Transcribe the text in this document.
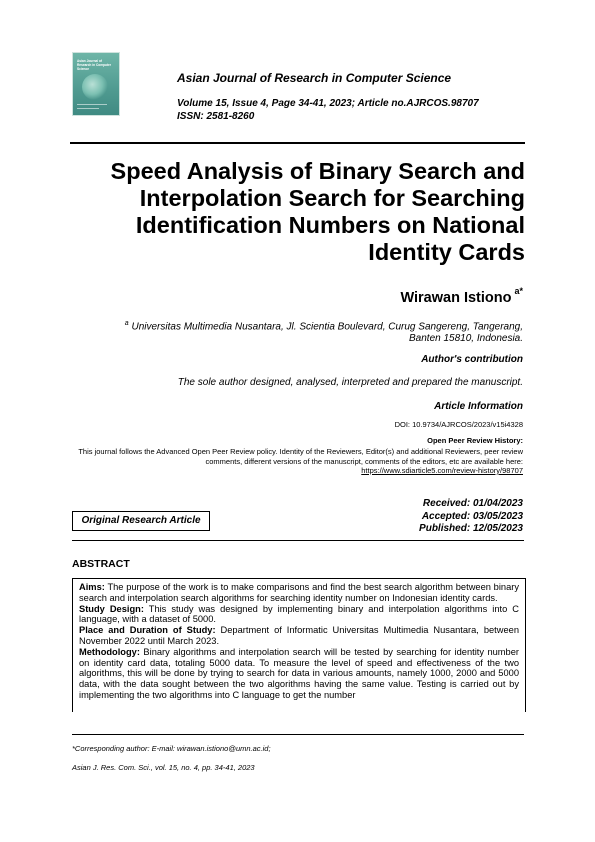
Asian Journal of Research in Computer Science
Asian Journal of Research in Computer Science
Volume 15, Issue 4, Page 34-41, 2023; Article no.AJRCOS.98707
ISSN: 2581-8260
Speed Analysis of Binary Search and Interpolation Search for Searching Identification Numbers on National Identity Cards
Wirawan Istiono $^{a*}$
$^a$ Universitas Multimedia Nusantara, Jl. Scientia Boulevard, Curug Sangereng, Tangerang, Banten 15810, Indonesia.
Author's contribution
The sole author designed, analysed, interpreted and prepared the manuscript.
Article Information
DOI: 10.9734/AJRCOS/2023/v15i4328
Open Peer Review History:
This journal follows the Advanced Open Peer Review policy. Identity of the Reviewers, Editor(s) and additional Reviewers, peer review comments, different versions of the manuscript, comments of the editors, etc are available here:
https://www.sdiarticle5.com/review-history/98707
Original Research Article
Received: 01/04/2023
Accepted: 03/05/2023
Published: 12/05/2023
ABSTRACT

Aims: The purpose of the work is to make comparisons and find the best search algorithm between binary search and interpolation search algorithms for searching identity number on Indonesian identity cards.

Study Design: This study was designed by implementing binary and interpolation algorithms into C language, with a dataset of 5000.

Place and Duration of Study: Department of Informatic Universitas Multimedia Nusantara, between November 2022 until March 2023.

Methodology: Binary algorithms and interpolation search will be tested by searching for identity number on identity card data, totaling 5000 data. To measure the level of speed and effectiveness of the two algorithms, this will be done by trying to search for data in various amounts, namely 1000, 2000 and 5000 data, with the data sought between the two algorithms having the same value. Testing is carried out by implementing the two algorithms into C language to get the number

*Corresponding author: E-mail: wirawan.istiono@umn.ac.id;
Asian J. Res. Com. Sci., vol. 15, no. 4, pp. 34-41, 2023
